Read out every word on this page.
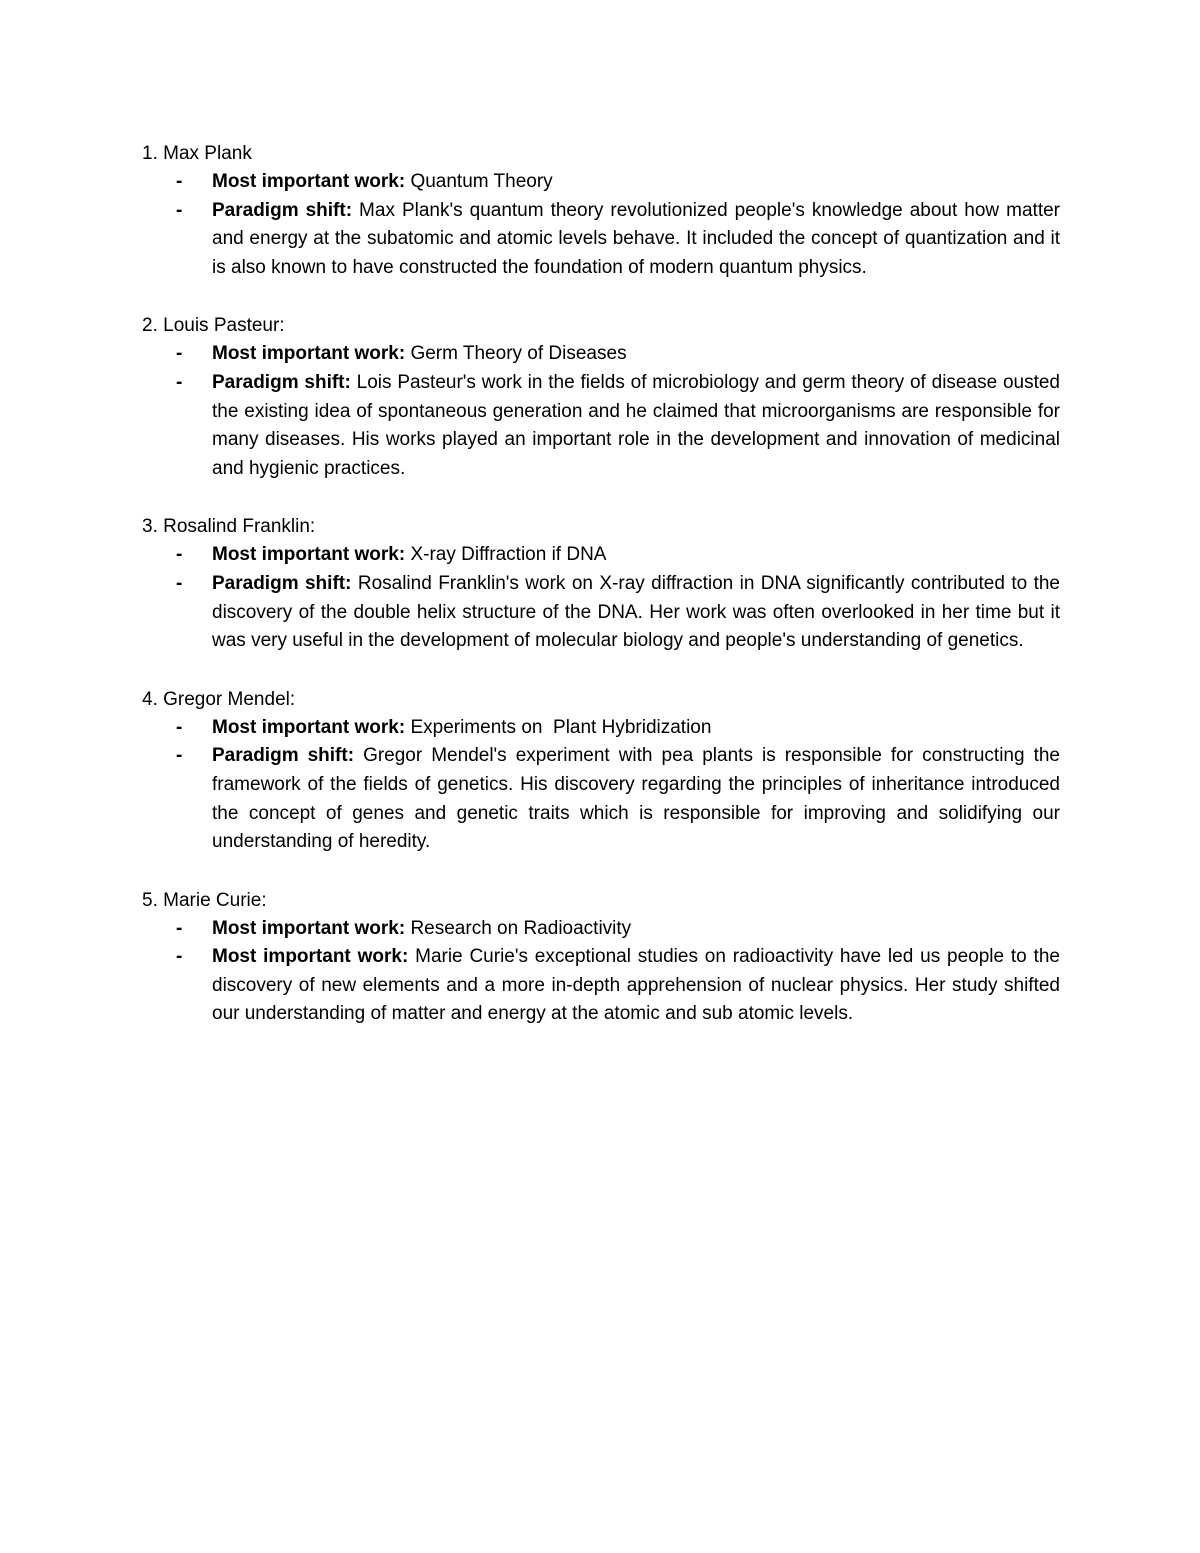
1. Max Plank
- Most important work: Quantum Theory
- Paradigm shift: Max Plank's quantum theory revolutionized people's knowledge about how matter and energy at the subatomic and atomic levels behave. It included the concept of quantization and it is also known to have constructed the foundation of modern quantum physics.
2. Louis Pasteur:
- Most important work: Germ Theory of Diseases
- Paradigm shift: Lois Pasteur's work in the fields of microbiology and germ theory of disease ousted the existing idea of spontaneous generation and he claimed that microorganisms are responsible for many diseases. His works played an important role in the development and innovation of medicinal and hygienic practices.
3. Rosalind Franklin:
- Most important work: X-ray Diffraction if DNA
- Paradigm shift: Rosalind Franklin's work on X-ray diffraction in DNA significantly contributed to the discovery of the double helix structure of the DNA. Her work was often overlooked in her time but it was very useful in the development of molecular biology and people's understanding of genetics.
4. Gregor Mendel:
- Most important work: Experiments on  Plant Hybridization
- Paradigm shift: Gregor Mendel's experiment with pea plants is responsible for constructing the framework of the fields of genetics. His discovery regarding the principles of inheritance introduced the concept of genes and genetic traits which is responsible for improving and solidifying our understanding of heredity.
5. Marie Curie:
- Most important work: Research on Radioactivity
- Most important work: Marie Curie's exceptional studies on radioactivity have led us people to the discovery of new elements and a more in-depth apprehension of nuclear physics. Her study shifted our understanding of matter and energy at the atomic and sub atomic levels.
